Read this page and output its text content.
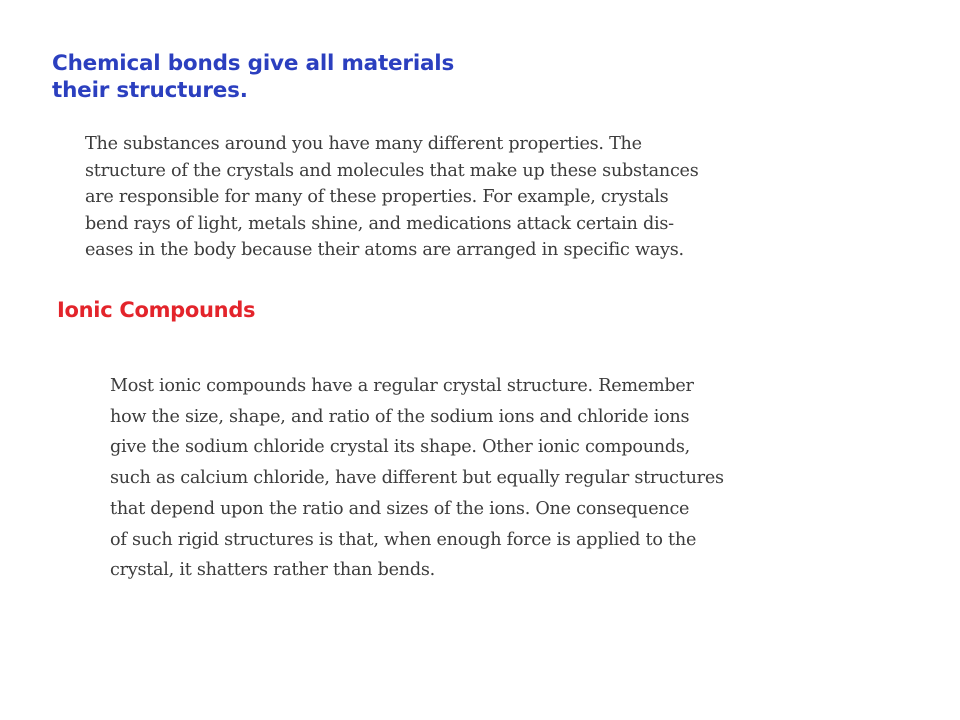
Chemical bonds give all materials
their structures.

The substances around you have many different properties. The
structure of the crystals and molecules that make up these substances
are responsible for many of these properties. For example, crystals
bend rays of light, metals shine, and medications attack certain dis-
eases in the body because their atoms are arranged in specific ways.

Ionic Compounds

Most ionic compounds have a regular crystal structure. Remember
how the size, shape, and ratio of the sodium ions and chloride ions
give the sodium chloride crystal its shape. Other ionic compounds,
such as calcium chloride, have different but equally regular structures
that depend upon the ratio and sizes of the ions. One consequence
of such rigid structures is that, when enough force is applied to the
crystal, it shatters rather than bends.
